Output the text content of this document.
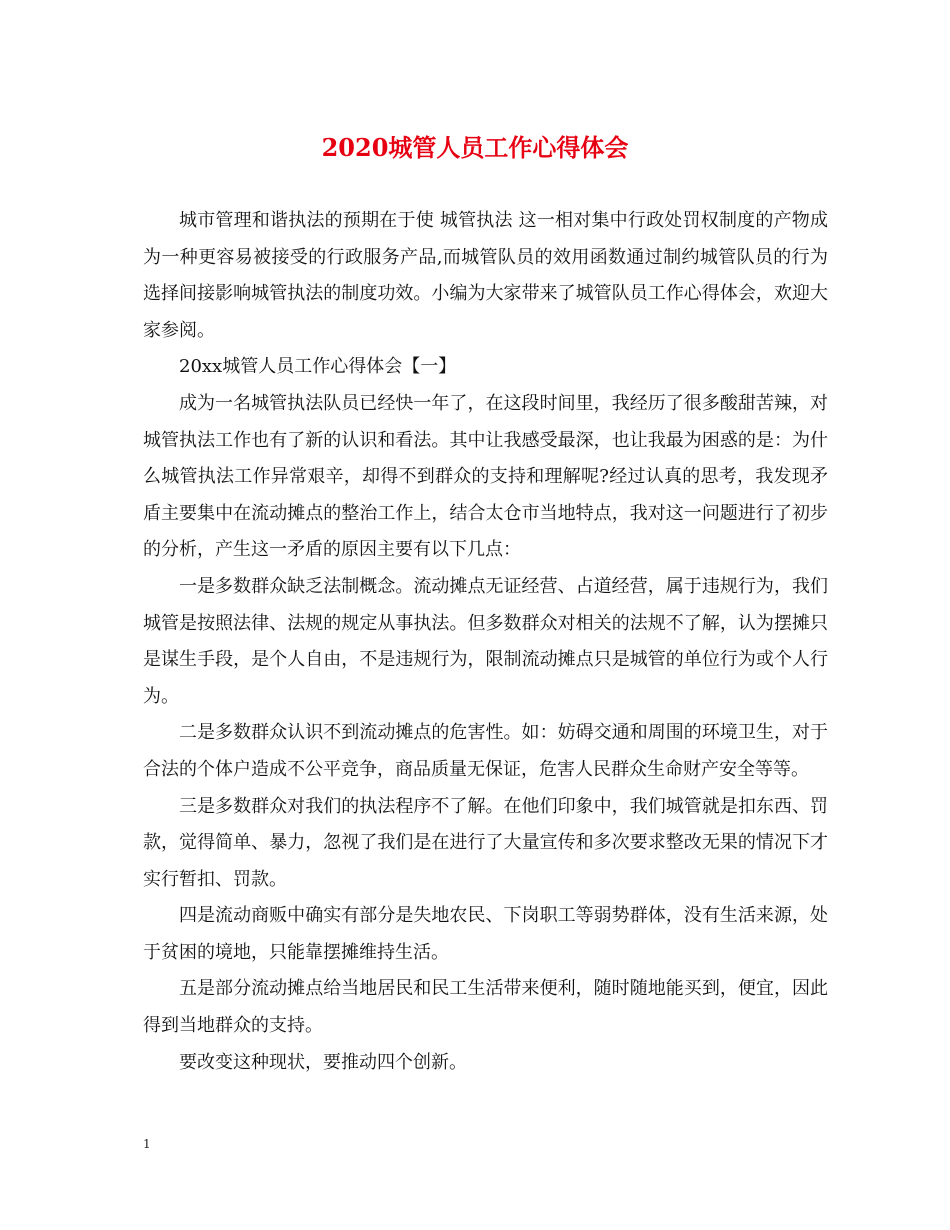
2020城管人员工作心得体会

城市管理和谐执法的预期在于使 城管执法 这一相对集中行政处罚权制度的产物成为一种更容易被接受的行政服务产品,而城管队员的效用函数通过制约城管队员的行为选择间接影响城管执法的制度功效。小编为大家带来了城管队员工作心得体会，欢迎大家参阅。

20xx城管人员工作心得体会【一】

成为一名城管执法队员已经快一年了，在这段时间里，我经历了很多酸甜苦辣，对城管执法工作也有了新的认识和看法。其中让我感受最深，也让我最为困惑的是：为什么城管执法工作异常艰辛，却得不到群众的支持和理解呢?经过认真的思考，我发现矛盾主要集中在流动摊点的整治工作上，结合太仓市当地特点，我对这一问题进行了初步的分析，产生这一矛盾的原因主要有以下几点：

一是多数群众缺乏法制概念。流动摊点无证经营、占道经营，属于违规行为，我们城管是按照法律、法规的规定从事执法。但多数群众对相关的法规不了解，认为摆摊只是谋生手段，是个人自由，不是违规行为，限制流动摊点只是城管的单位行为或个人行为。

二是多数群众认识不到流动摊点的危害性。如：妨碍交通和周围的环境卫生，对于合法的个体户造成不公平竞争，商品质量无保证，危害人民群众生命财产安全等等。

三是多数群众对我们的执法程序不了解。在他们印象中，我们城管就是扣东西、罚款，觉得简单、暴力，忽视了我们是在进行了大量宣传和多次要求整改无果的情况下才实行暂扣、罚款。

四是流动商贩中确实有部分是失地农民、下岗职工等弱势群体，没有生活来源，处于贫困的境地，只能靠摆摊维持生活。

五是部分流动摊点给当地居民和民工生活带来便利，随时随地能买到，便宜，因此得到当地群众的支持。

要改变这种现状，要推动四个创新。

1
